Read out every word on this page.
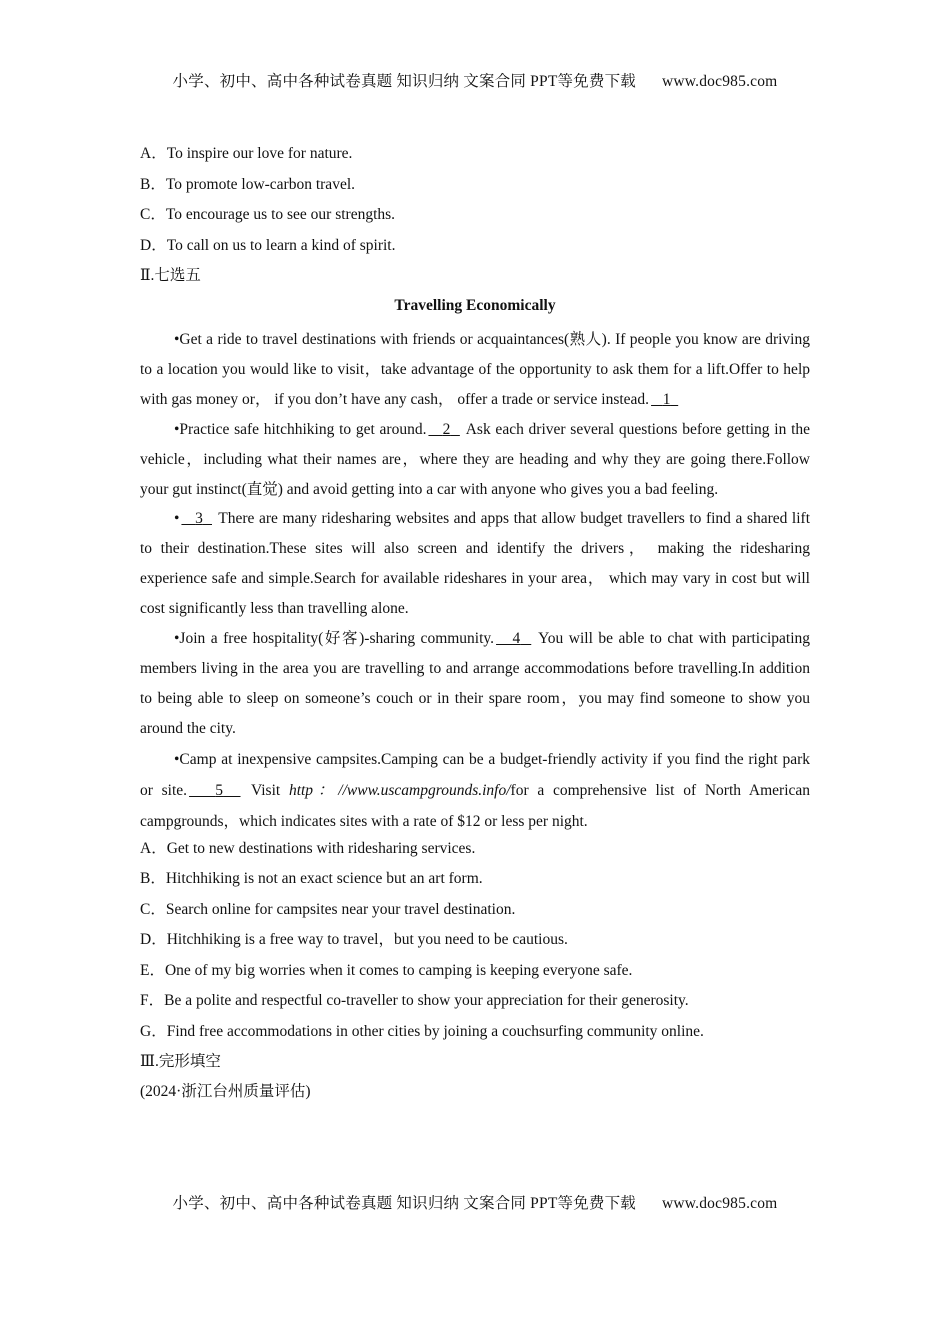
小学、初中、高中各种试卷真题 知识归纳 文案合同 PPT等免费下载 www.doc985.com
A．To inspire our love for nature.
B．To promote low-carbon travel.
C．To encourage us to see our strengths.
D．To call on us to learn a kind of spirit.
Ⅱ.七选五
Travelling Economically

•Get a ride to travel destinations with friends or acquaintances(熟人). If people you know are driving to a location you would like to visit，take advantage of the opportunity to ask them for a lift.Offer to help with gas money or， if you don’t have any cash， offer a trade or service instead. 1

•Practice safe hitchhiking to get around. 2   Ask each driver several questions before getting in the vehicle，including what their names are，where they are heading and why they are going there.Follow your gut instinct(直觉) and avoid getting into a car with anyone who gives you a bad feeling.

• 3   There are many ridesharing websites and apps that allow budget travellers to find a shared lift to their destination.These sites will also screen and identify the drivers， making the ridesharing experience safe and simple.Search for available rideshares in your area， which may vary in cost but will cost significantly less than travelling alone.

•Join a free hospitality(好客)-sharing community. 4   You will be able to chat with participating members living in the area you are travelling to and arrange accommodations before travelling.In addition to being able to sleep on someone’s couch or in their spare room，you may find someone to show you around the city.

•Camp at inexpensive campsites.Camping can be a budget-friendly activity if you find the right park or site. 5   Visit http：//www.uscampgrounds.info/for a comprehensive list of North American campgrounds，which indicates sites with a rate of $12 or less per night.

A．Get to new destinations with ridesharing services.
B．Hitchhiking is not an exact science but an art form.
C．Search online for campsites near your travel destination.
D．Hitchhiking is a free way to travel，but you need to be cautious.
E．One of my big worries when it comes to camping is keeping everyone safe.
F．Be a polite and respectful co-traveller to show your appreciation for their generosity.
G．Find free accommodations in other cities by joining a couchsurfing community online.
Ⅲ.完形填空
(2024·浙江台州质量评估)
小学、初中、高中各种试卷真题 知识归纳 文案合同 PPT等免费下载 www.doc985.com
